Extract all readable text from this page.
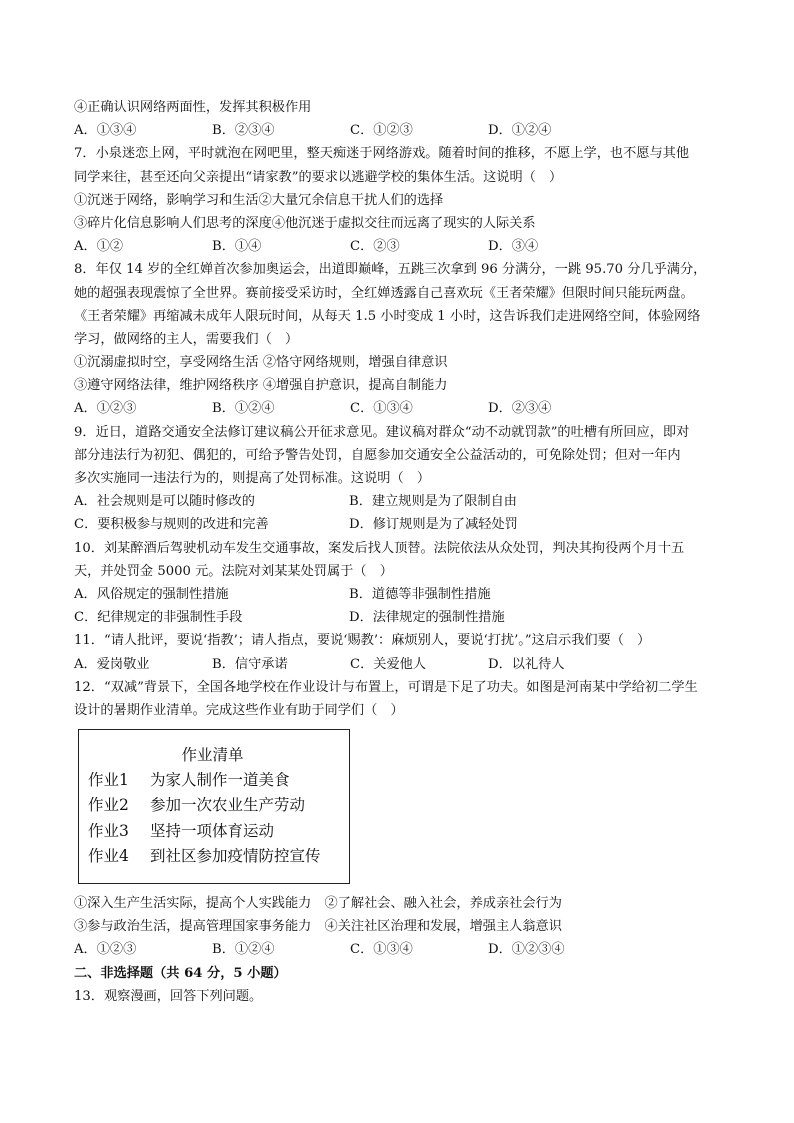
④正确认识网络两面性，发挥其积极作用
A．①③④	B．②③④	C．①②③	D．①②④
7．小泉迷恋上网，平时就泡在网吧里，整天痴迷于网络游戏。随着时间的推移，不愿上学，也不愿与其他
同学来往，甚至还向父亲提出“请家教”的要求以逃避学校的集体生活。这说明（　）
①沉迷于网络，影响学习和生活②大量冗余信息干扰人们的选择
③碎片化信息影响人们思考的深度④他沉迷于虚拟交往而远离了现实的人际关系
A．①②	B．①④	C．②③	D．③④
8．年仅 14 岁的全红婵首次参加奥运会，出道即巅峰，五跳三次拿到 96 分满分，一跳 95.70 分几乎满分，
她的超强表现震惊了全世界。赛前接受采访时，全红婵透露自己喜欢玩《王者荣耀》但限时间只能玩两盘。
《王者荣耀》再缩减未成年人限玩时间，从每天 1.5 小时变成 1 小时，这告诉我们走进网络空间，体验网络
学习，做网络的主人，需要我们（　）
①沉溺虚拟时空，享受网络生活 ②恪守网络规则，增强自律意识
③遵守网络法律，维护网络秩序 ④增强自护意识，提高自制能力
A．①②③	B．①②④	C．①③④	D．②③④
9．近日，道路交通安全法修订建议稿公开征求意见。建议稿对群众“动不动就罚款”的吐槽有所回应，即对
部分违法行为初犯、偶犯的，可给予警告处罚，自愿参加交通安全公益活动的，可免除处罚；但对一年内
多次实施同一违法行为的，则提高了处罚标准。这说明（　）
A．社会规则是可以随时修改的	B．建立规则是为了限制自由
C．要积极参与规则的改进和完善	D．修订规则是为了减轻处罚
10．刘某醉酒后驾驶机动车发生交通事故，案发后找人顶替。法院依法从众处罚，判决其拘役两个月十五
天，并处罚金 5000 元。法院对刘某某处罚属于（　）
A．风俗规定的强制性措施	B．道德等非强制性措施
C．纪律规定的非强制性手段	D．法律规定的强制性措施
11．“请人批评，要说‘指教’；请人指点，要说‘赐教’：麻烦别人，要说‘打扰’。”这启示我们要（　）
A．爱岗敬业	B．信守承诺	C．关爱他人	D．以礼待人
12．“双减”背景下，全国各地学校在作业设计与布置上，可谓是下足了功夫。如图是河南某中学给初二学生
设计的暑期作业清单。完成这些作业有助于同学们（　）
作业清单
作业1 为家人制作一道美食
作业2 参加一次农业生产劳动
作业3 坚持一项体育运动
作业4 到社区参加疫情防控宣传
①深入生产生活实际，提高个人实践能力　②了解社会、融入社会，养成亲社会行为
③参与政治生活，提高管理国家事务能力　④关注社区治理和发展，增强主人翁意识
A．①②③	B．①②④	C．①③④	D．①②③④
二、非选择题（共 64 分，5 小题）
13．观察漫画，回答下列问题。
